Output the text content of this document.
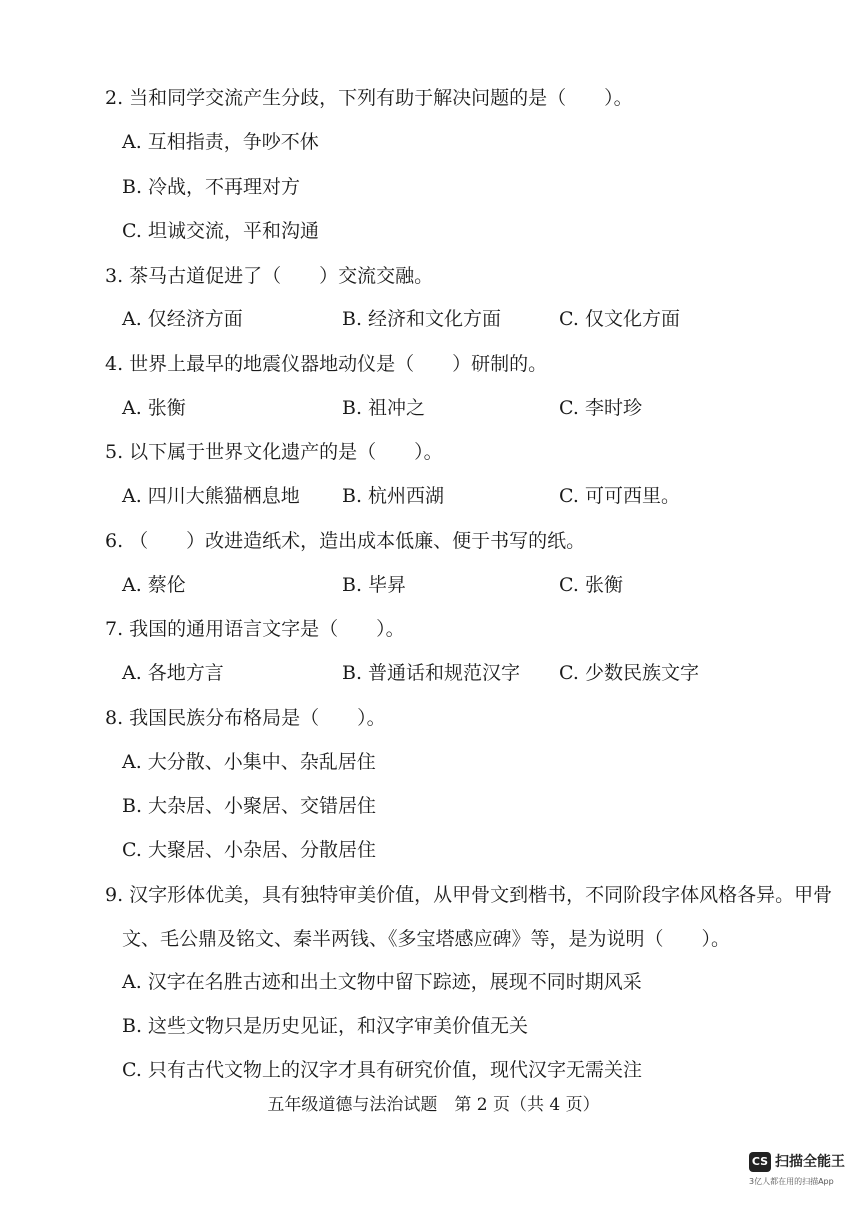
2. 当和同学交流产生分歧，下列有助于解决问题的是（　　）。
A. 互相指责，争吵不休
B. 冷战，不再理对方
C. 坦诚交流，平和沟通
3. 茶马古道促进了（　　）交流交融。
A. 仅经济方面	B. 经济和文化方面	C. 仅文化方面
4. 世界上最早的地震仪器地动仪是（　　）研制的。
A. 张衡	B. 祖冲之	C. 李时珍
5. 以下属于世界文化遗产的是（　　）。
A. 四川大熊猫栖息地 B. 杭州西湖	C. 可可西里。
6. （　　）改进造纸术，造出成本低廉、便于书写的纸。
A. 蔡伦	B. 毕昇	C. 张衡
7. 我国的通用语言文字是（　　）。
A. 各地方言	B. 普通话和规范汉字 C. 少数民族文字
8. 我国民族分布格局是（　　）。
A. 大分散、小集中、杂乱居住
B. 大杂居、小聚居、交错居住
C. 大聚居、小杂居、分散居住
9. 汉字形体优美，具有独特审美价值，从甲骨文到楷书，不同阶段字体风格各异。甲骨
文、毛公鼎及铭文、秦半两钱、《多宝塔感应碑》等，是为说明（　　）。
A. 汉字在名胜古迹和出土文物中留下踪迹，展现不同时期风采
B. 这些文物只是历史见证，和汉字审美价值无关
C. 只有古代文物上的汉字才具有研究价值，现代汉字无需关注
五年级道德与法治试题　第 2 页（共 4 页）
CS 扫描全能王
3亿人都在用的扫描App
